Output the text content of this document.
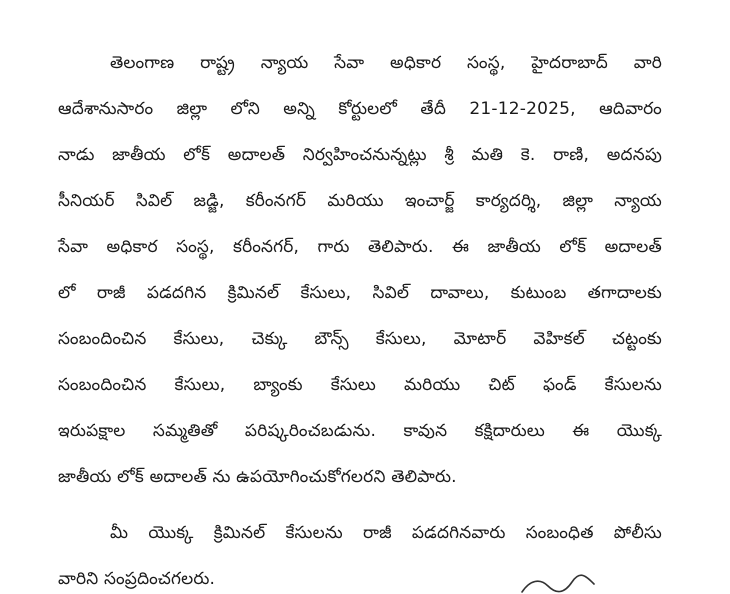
తెలంగాణ రాష్ట్ర న్యాయ సేవా అధికార సంస్థ, హైదరాబాద్ వారి
ఆదేశానుసారం జిల్లా లోని అన్ని కోర్టులలో తేదీ 21-12-2025, ఆదివారం
నాడు జాతీయ లోక్ అదాలత్ నిర్వహించనున్నట్లు శ్రీ మతి కె. రాణి, అదనపు
సీనియర్ సివిల్ జడ్జి, కరీంనగర్ మరియు ఇంచార్జ్ కార్యదర్శి, జిల్లా న్యాయ
సేవా అధికార సంస్థ, కరీంనగర్, గారు తెలిపారు. ఈ జాతీయ లోక్ అదాలత్
లో రాజీ పడదగిన క్రిమినల్ కేసులు, సివిల్ దావాలు, కుటుంబ తగాదాలకు
సంబందించిన కేసులు, చెక్కు బౌన్స్ కేసులు, మోటార్ వెహికల్ చట్టంకు
సంబందించిన కేసులు, బ్యాంకు కేసులు మరియు చిట్ ఫండ్ కేసులను
ఇరుపక్షాల సమ్మతితో పరిష్కరించబడును. కావున కక్షిదారులు ఈ యొక్క
జాతీయ లోక్ అదాలత్ ను ఉపయోగించుకోగలరని తెలిపారు.
మీ యొక్క క్రిమినల్ కేసులను రాజీ పడదగినవారు సంబంధిత పోలీసు
వారిని సంప్రదించగలరు.
